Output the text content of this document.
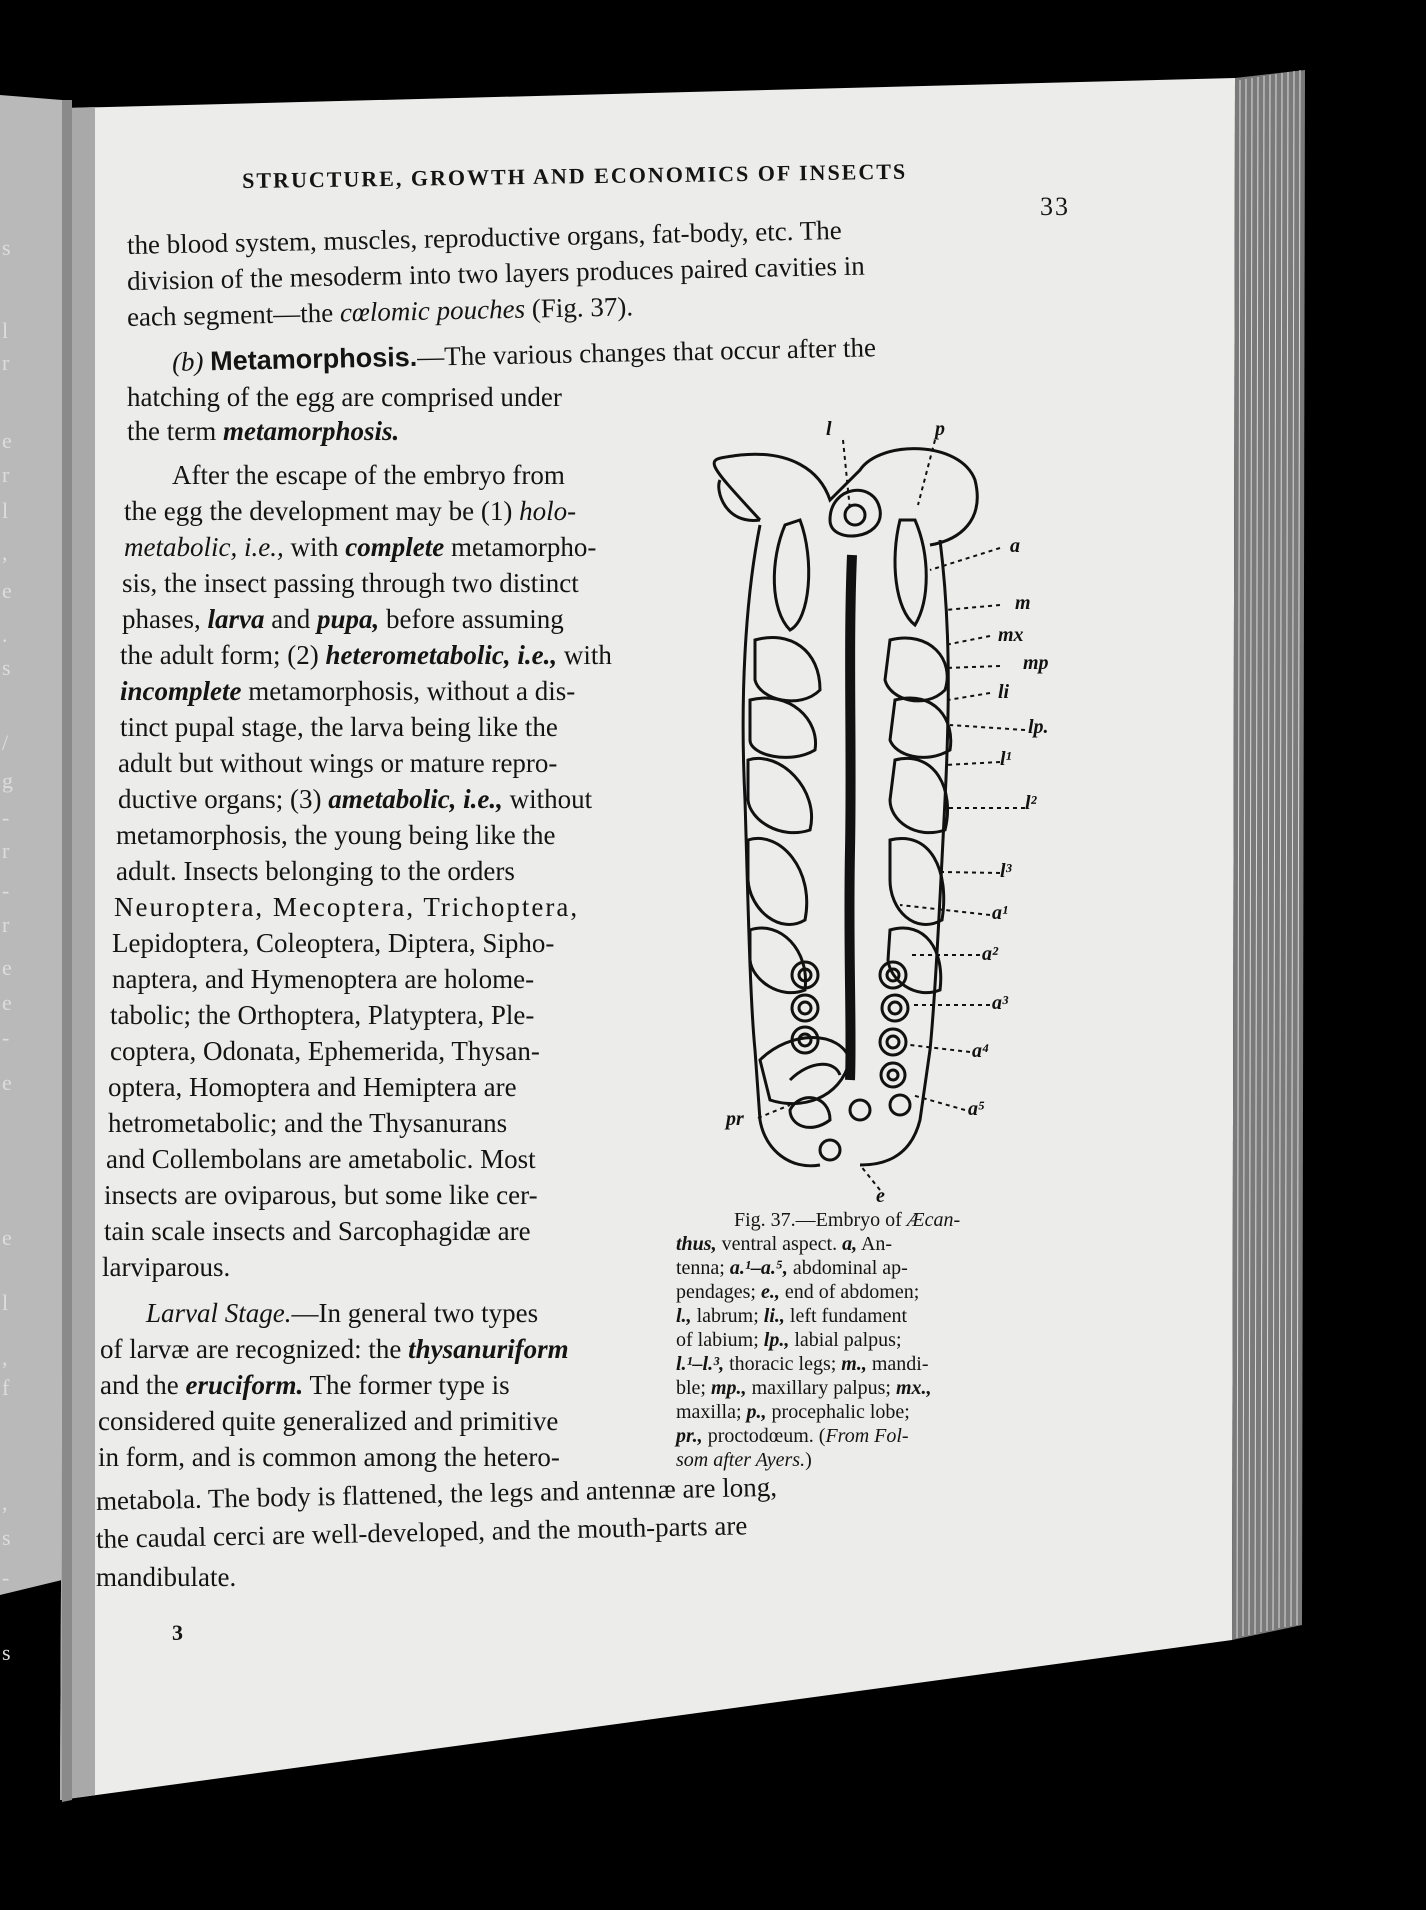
s
l
r
e
r
l
,
e
.
s
/
g
-
r
-
r
e
e
-
e
e
l
,
f
,
s
-
s
STRUCTURE, GROWTH AND ECONOMICS OF INSECTS
33
the blood system, muscles, reproductive organs, fat-body, etc. The
division of the mesoderm into two layers produces paired cavities in
each segment—the cœlomic pouches (Fig. 37).
(b) Metamorphosis.—The various changes that occur after the
hatching of the egg are comprised under
the term metamorphosis.
After the escape of the embryo from
the egg the development may be (1) holo-
metabolic, i.e., with complete metamorpho-
sis, the insect passing through two distinct
phases, larva and pupa, before assuming
the adult form; (2) heterometabolic, i.e., with
incomplete metamorphosis, without a dis-
tinct pupal stage, the larva being like the
adult but without wings or mature repro-
ductive organs; (3) ametabolic, i.e., without
metamorphosis, the young being like the
adult. Insects belonging to the orders
Neuroptera, Mecoptera, Trichoptera,
Lepidoptera, Coleoptera, Diptera, Sipho-
naptera, and Hymenoptera are holome-
tabolic; the Orthoptera, Platyptera, Ple-
coptera, Odonata, Ephemerida, Thysan-
optera, Homoptera and Hemiptera are
hetrometabolic; and the Thysanurans
and Collembolans are ametabolic. Most
insects are oviparous, but some like cer-
tain scale insects and Sarcophagidæ are
larviparous.
Larval Stage.—In general two types
of larvæ are recognized: the thysanuriform
and the eruciform. The former type is
considered quite generalized and primitive
in form, and is common among the hetero-
metabola. The body is flattened, the legs and antennæ are long,
the caudal cerci are well-developed, and the mouth-parts are
mandibulate.
3
l	p
a
m
mx
mp
li
lp.
l¹
l²
l³
a¹
a²
a³
a⁴
a⁵
pr
e
Fig. 37.—Embryo of Æcan-
thus, ventral aspect. a, An-
tenna; a.¹–a.⁵, abdominal ap-
pendages; e., end of abdomen;
l., labrum; li., left fundament
of labium; lp., labial palpus;
l.¹–l.³, thoracic legs; m., mandi-
ble; mp., maxillary palpus; mx.,
maxilla; p., procephalic lobe;
pr., proctodœum. (From Fol-
som after Ayers.)
